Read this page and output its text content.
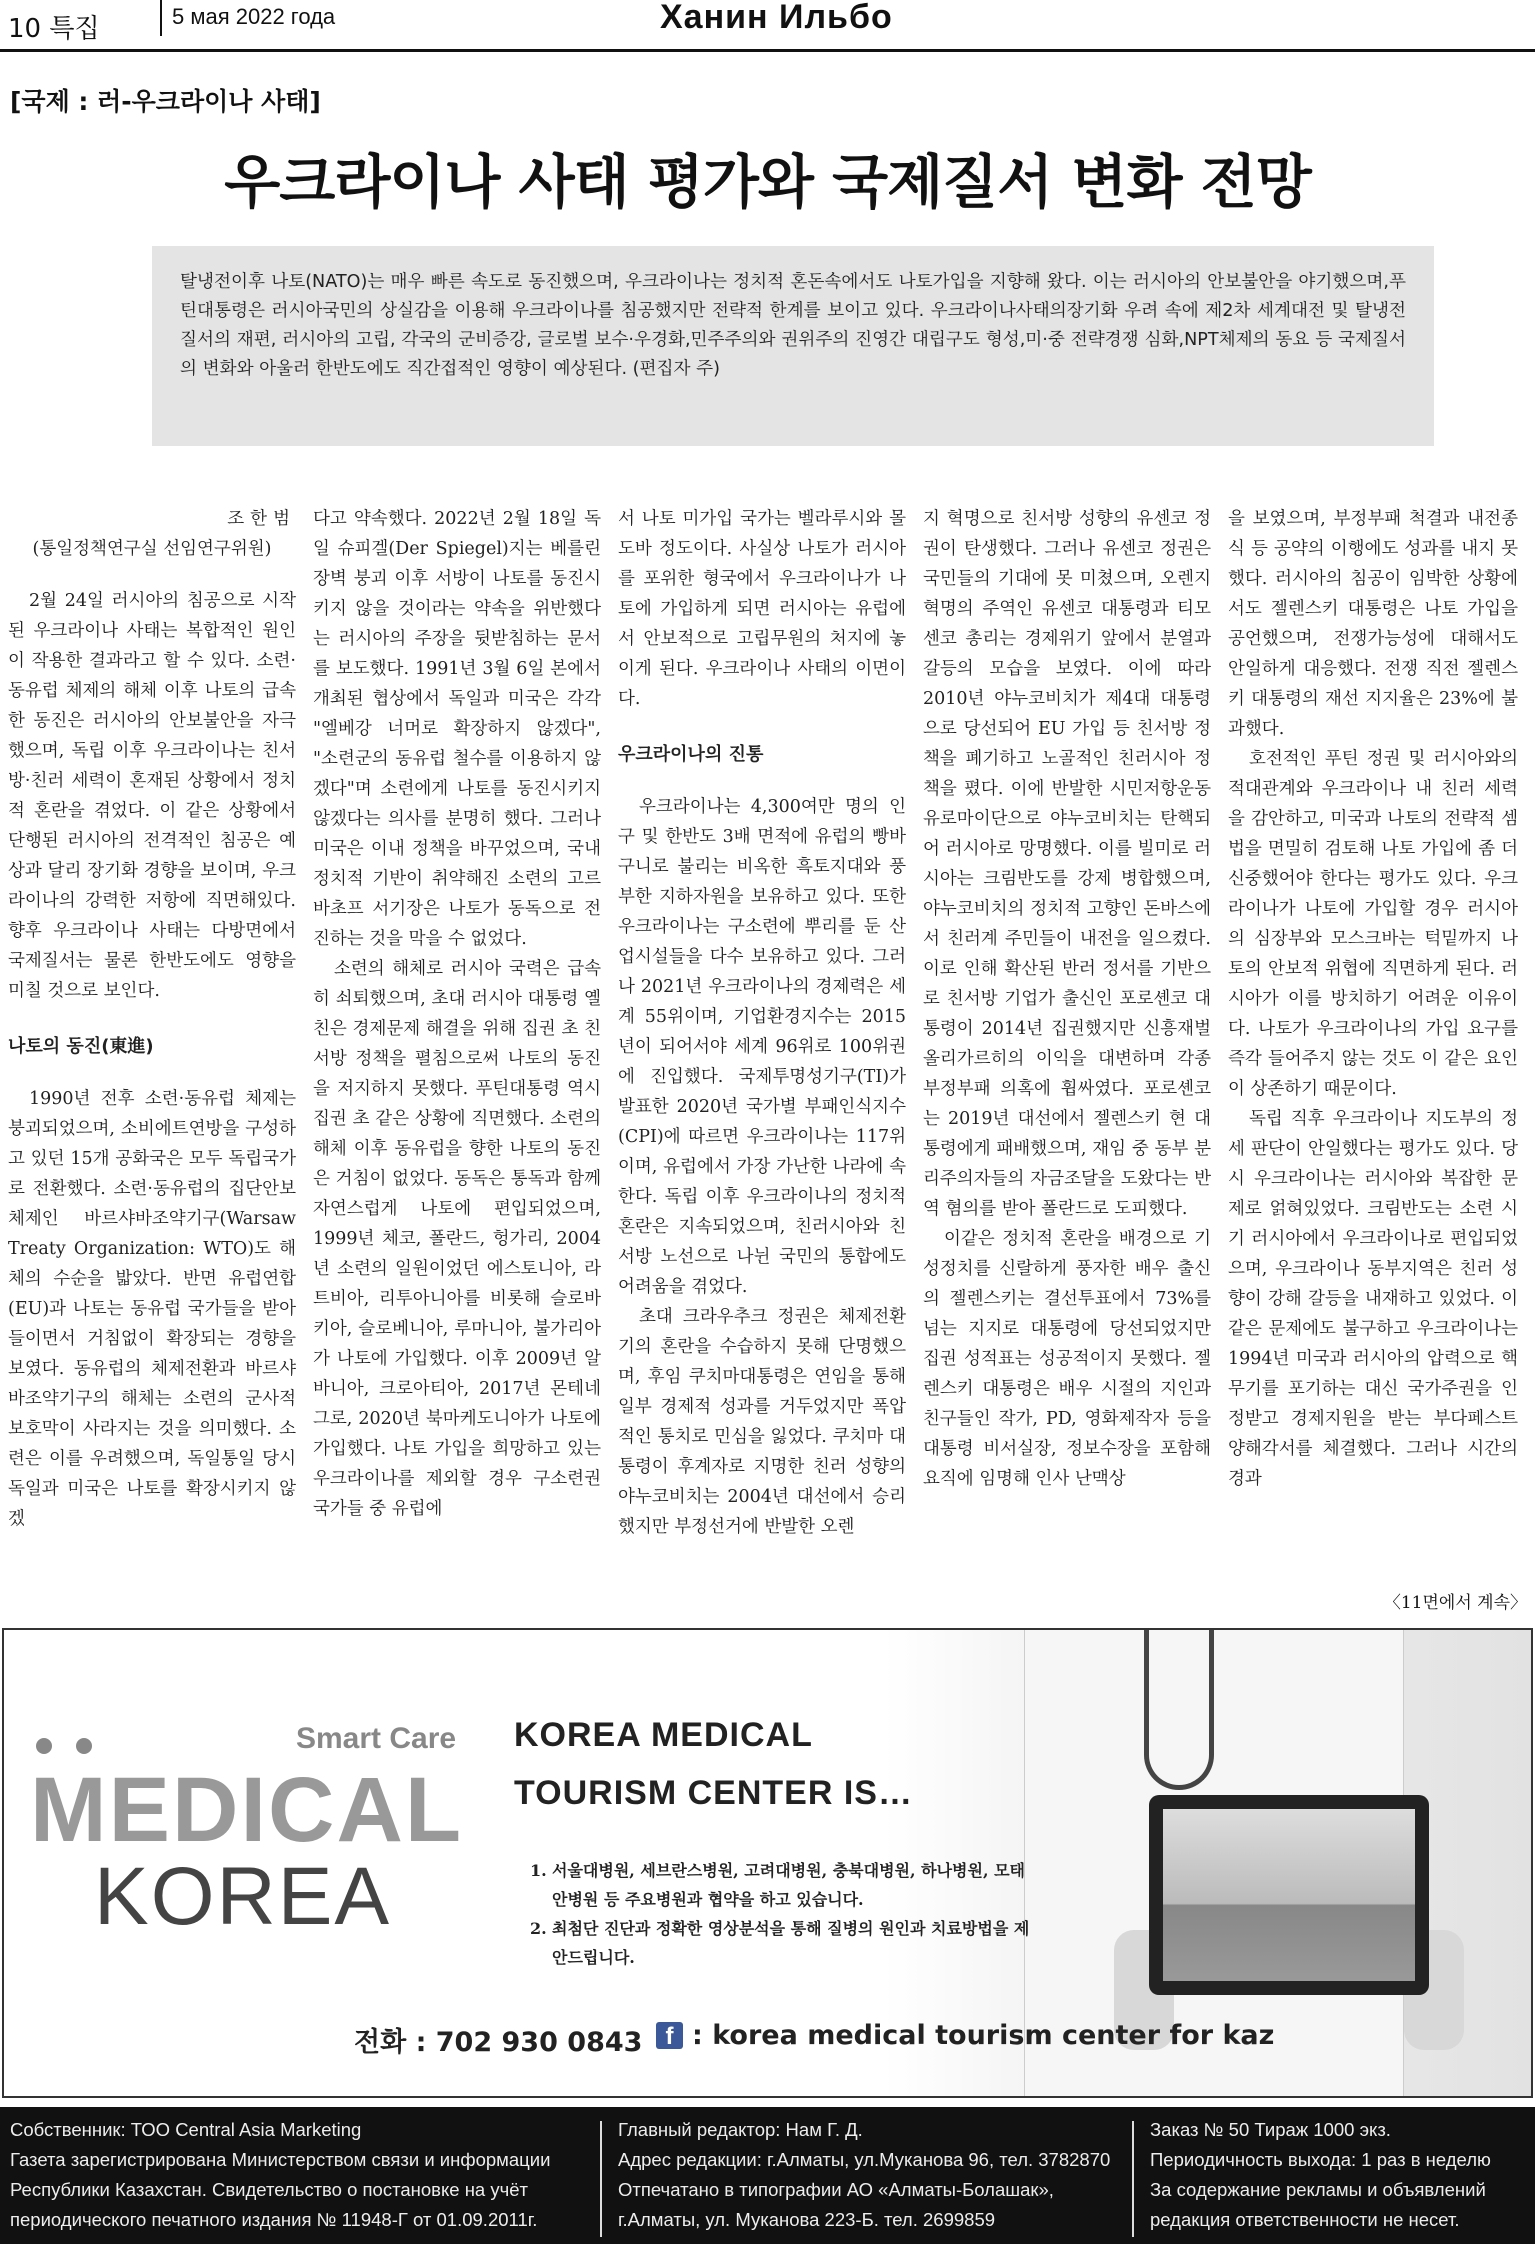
10 특집	5 мая 2022 года	Ханин Ильбо
[국제 : 러-우크라이나 사태]
우크라이나 사태 평가와 국제질서 변화 전망
탈냉전이후 나토(NATO)는 매우 빠른 속도로 동진했으며, 우크라이나는 정치적 혼돈속에서도 나토가입을 지향해 왔다. 이는 러시아의 안보불안을 야기했으며,푸틴대통령은 러시아국민의 상실감을 이용해 우크라이나를 침공했지만 전략적 한계를 보이고 있다. 우크라이나사태의장기화 우려 속에 제2차 세계대전 및 탈냉전 질서의 재편, 러시아의 고립, 각국의 군비증강, 글로벌 보수·우경화,민주주의와 권위주의 진영간 대립구도 형성,미·중 전략경쟁 심화,NPT체제의 동요 등 국제질서의 변화와 아울러 한반도에도 직간접적인 영향이 예상된다. (편집자 주)

조한범

(통일정책연구실 선임연구위원)

2월 24일 러시아의 침공으로 시작된 우크라이나 사태는 복합적인 원인이 작용한 결과라고 할 수 있다. 소련·동유럽 체제의 해체 이후 나토의 급속한 동진은 러시아의 안보불안을 자극했으며, 독립 이후 우크라이나는 친서방·친러 세력이 혼재된 상황에서 정치적 혼란을 겪었다. 이 같은 상황에서 단행된 러시아의 전격적인 침공은 예상과 달리 장기화 경향을 보이며, 우크라이나의 강력한 저항에 직면해있다. 향후 우크라이나 사태는 다방면에서 국제질서는 물론 한반도에도 영향을 미칠 것으로 보인다.

나토의 동진(東進)

1990년 전후 소련·동유럽 체제는 붕괴되었으며, 소비에트연방을 구성하고 있던 15개 공화국은 모두 독립국가로 전환했다. 소련·동유럽의 집단안보체제인 바르샤바조약기구(Warsaw Treaty Organization: WTO)도 해체의 수순을 밟았다. 반면 유럽연합(EU)과 나토는 동유럽 국가들을 받아들이면서 거침없이 확장되는 경향을 보였다. 동유럽의 체제전환과 바르샤바조약기구의 해체는 소련의 군사적 보호막이 사라지는 것을 의미했다. 소련은 이를 우려했으며, 독일통일 당시 독일과 미국은 나토를 확장시키지 않겠

다고 약속했다. 2022년 2월 18일 독일 슈피겔(Der Spiegel)지는 베를린장벽 붕괴 이후 서방이 나토를 동진시키지 않을 것이라는 약속을 위반했다는 러시아의 주장을 뒷받침하는 문서를 보도했다. 1991년 3월 6일 본에서 개최된 협상에서 독일과 미국은 각각 "엘베강 너머로 확장하지 않겠다", "소련군의 동유럽 철수를 이용하지 않겠다"며 소련에게 나토를 동진시키지 않겠다는 의사를 분명히 했다. 그러나 미국은 이내 정책을 바꾸었으며, 국내 정치적 기반이 취약해진 소련의 고르바초프 서기장은 나토가 동독으로 전진하는 것을 막을 수 없었다.

소련의 해체로 러시아 국력은 급속히 쇠퇴했으며, 초대 러시아 대통령 옐친은 경제문제 해결을 위해 집권 초 친서방 정책을 펼침으로써 나토의 동진을 저지하지 못했다. 푸틴대통령 역시 집권 초 같은 상황에 직면했다. 소련의 해체 이후 동유럽을 향한 나토의 동진은 거침이 없었다. 동독은 통독과 함께 자연스럽게 나토에 편입되었으며, 1999년 체코, 폴란드, 헝가리, 2004년 소련의 일원이었던 에스토니아, 라트비아, 리투아니아를 비롯해 슬로바키아, 슬로베니아, 루마니아, 불가리아가 나토에 가입했다. 이후 2009년 알바니아, 크로아티아, 2017년 몬테네그로, 2020년 북마케도니아가 나토에 가입했다. 나토 가입을 희망하고 있는 우크라이나를 제외할 경우 구소련권 국가들 중 유럽에

서 나토 미가입 국가는 벨라루시와 몰도바 정도이다. 사실상 나토가 러시아를 포위한 형국에서 우크라이나가 나토에 가입하게 되면 러시아는 유럽에서 안보적으로 고립무원의 처지에 놓이게 된다. 우크라이나 사태의 이면이다.

우크라이나의 진통

우크라이나는 4,300여만 명의 인구 및 한반도 3배 면적에 유럽의 빵바구니로 불리는 비옥한 흑토지대와 풍부한 지하자원을 보유하고 있다. 또한 우크라이나는 구소련에 뿌리를 둔 산업시설들을 다수 보유하고 있다. 그러나 2021년 우크라이나의 경제력은 세계 55위이며, 기업환경지수는 2015년이 되어서야 세계 96위로 100위권에 진입했다. 국제투명성기구(TI)가 발표한 2020년 국가별 부패인식지수(CPI)에 따르면 우크라이나는 117위이며, 유럽에서 가장 가난한 나라에 속한다. 독립 이후 우크라이나의 정치적 혼란은 지속되었으며, 친러시아와 친서방 노선으로 나뉜 국민의 통합에도 어려움을 겪었다.

초대 크라우추크 정권은 체제전환기의 혼란을 수습하지 못해 단명했으며, 후임 쿠치마대통령은 연임을 통해 일부 경제적 성과를 거두었지만 폭압적인 통치로 민심을 잃었다. 쿠치마 대통령이 후계자로 지명한 친러 성향의 야누코비치는 2004년 대선에서 승리했지만 부정선거에 반발한 오렌

지 혁명으로 친서방 성향의 유센코 정권이 탄생했다. 그러나 유센코 정권은 국민들의 기대에 못 미쳤으며, 오렌지 혁명의 주역인 유센코 대통령과 티모센코 총리는 경제위기 앞에서 분열과 갈등의 모습을 보였다. 이에 따라 2010년 야누코비치가 제4대 대통령으로 당선되어 EU 가입 등 친서방 정책을 폐기하고 노골적인 친러시아 정책을 폈다. 이에 반발한 시민저항운동 유로마이단으로 야누코비치는 탄핵되어 러시아로 망명했다. 이를 빌미로 러시아는 크림반도를 강제 병합했으며, 야누코비치의 정치적 고향인 돈바스에서 친러계 주민들이 내전을 일으켰다. 이로 인해 확산된 반러 정서를 기반으로 친서방 기업가 출신인 포로셴코 대통령이 2014년 집권했지만 신흥재벌 올리가르히의 이익을 대변하며 각종 부정부패 의혹에 휩싸였다. 포로셴코는 2019년 대선에서 젤렌스키 현 대통령에게 패배했으며, 재임 중 동부 분리주의자들의 자금조달을 도왔다는 반역 혐의를 받아 폴란드로 도피했다.

이같은 정치적 혼란을 배경으로 기성정치를 신랄하게 풍자한 배우 출신의 젤렌스키는 결선투표에서 73%를 넘는 지지로 대통령에 당선되었지만 집권 성적표는 성공적이지 못했다. 젤렌스키 대통령은 배우 시절의 지인과 친구들인 작가, PD, 영화제작자 등을 대통령 비서실장, 정보수장을 포함해 요직에 임명해 인사 난맥상

을 보였으며, 부정부패 척결과 내전종식 등 공약의 이행에도 성과를 내지 못했다. 러시아의 침공이 임박한 상황에서도 젤렌스키 대통령은 나토 가입을 공언했으며, 전쟁가능성에 대해서도 안일하게 대응했다. 전쟁 직전 젤렌스키 대통령의 재선 지지율은 23%에 불과했다.

호전적인 푸틴 정권 및 러시아와의 적대관계와 우크라이나 내 친러 세력을 감안하고, 미국과 나토의 전략적 셈법을 면밀히 검토해 나토 가입에 좀 더 신중했어야 한다는 평가도 있다. 우크라이나가 나토에 가입할 경우 러시아의 심장부와 모스크바는 턱밑까지 나토의 안보적 위협에 직면하게 된다. 러시아가 이를 방치하기 어려운 이유이다. 나토가 우크라이나의 가입 요구를 즉각 들어주지 않는 것도 이 같은 요인이 상존하기 때문이다.

독립 직후 우크라이나 지도부의 정세 판단이 안일했다는 평가도 있다. 당시 우크라이나는 러시아와 복잡한 문제로 얽혀있었다. 크림반도는 소련 시기 러시아에서 우크라이나로 편입되었으며, 우크라이나 동부지역은 친러 성향이 강해 갈등을 내재하고 있었다. 이 같은 문제에도 불구하고 우크라이나는 1994년 미국과 러시아의 압력으로 핵무기를 포기하는 대신 국가주권을 인정받고 경제지원을 받는 부다페스트 양해각서를 체결했다. 그러나 시간의 경과

〈11면에서 계속〉
Smart Care
MEDICAL
KOREA
KOREA MEDICAL
TOURISM CENTER IS…
1. 서울대병원, 세브란스병원, 고려대병원, 충북대병원, 하나병원, 모태안병원 등 주요병원과 협약을 하고 있습니다.
2. 최첨단 진단과 정확한 영상분석을 통해 질병의 원인과 치료방법을 제안드립니다.
전화 : 702 930 0843 f : korea medical tourism center for kaz
Собственник: ТОО Central Asia Marketing
Газета зарегистрирована Министерством связи и информации
Республики Казахстан. Свидетельство о постановке на учёт
периодического печатного издания № 11948-Г от 01.09.2011г.
Главный редактор: Нам Г. Д.
Адрес редакции: г.Алматы, ул.Муканова 96, тел. 3782870
Отпечатано в типографии АО «Алматы-Болашак»,
г.Алматы, ул. Муканова 223-Б. тел. 2699859
Заказ № 50 Тираж 1000 экз.
Периодичность выхода: 1 раз в неделю
За содержание рекламы и объявлений
редакция ответственности не несет.
